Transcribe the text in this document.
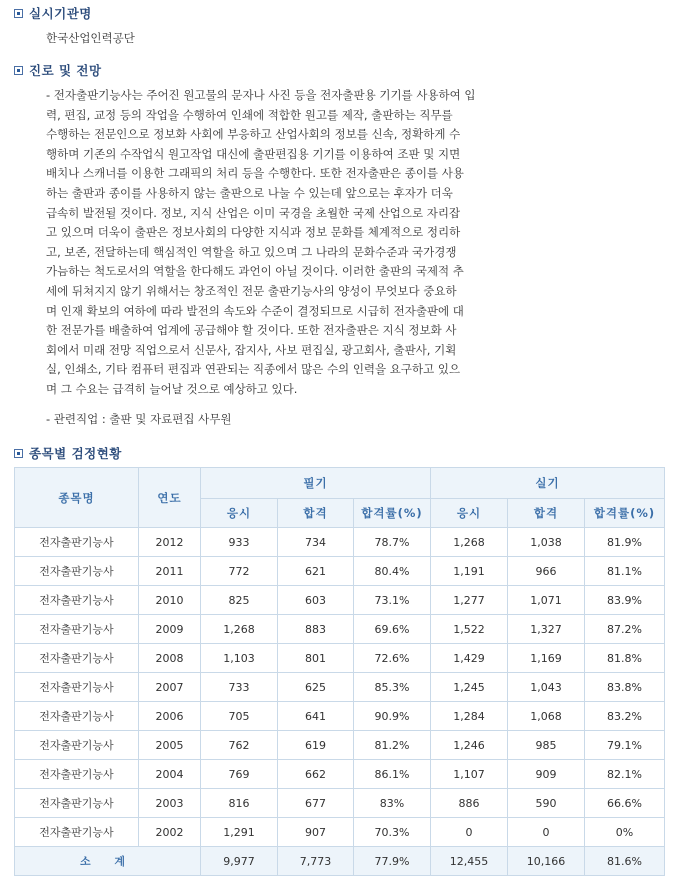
실시기관명
한국산업인력공단
진로 및 전망
- 전자출판기능사는 주어진 원고물의 문자나 사진 등을 전자출판용 기기를 사용하여 입
력, 편집, 교정 등의 작업을 수행하여 인쇄에 적합한 원고를 제작, 출판하는 직무를
수행하는 전문인으로 정보화 사회에 부응하고 산업사회의 정보를 신속, 정확하게 수
행하며 기존의 수작업식 원고작업 대신에 출판편집용 기기를 이용하여 조판 및 지면
배치나 스캐너를 이용한 그래픽의 처리 등을 수행한다. 또한 전자출판은 종이를 사용
하는 출판과 종이를 사용하지 않는 출판으로 나눌 수 있는데 앞으로는 후자가 더욱
급속히 발전될 것이다. 정보, 지식 산업은 이미 국경을 초월한 국제 산업으로 자리잡
고 있으며 더욱이 출판은 정보사회의 다양한 지식과 정보 문화를 체계적으로 정리하
고, 보존, 전달하는데 핵심적인 역할을 하고 있으며 그 나라의 문화수준과 국가경쟁
가늠하는 척도로서의 역할을 한다해도 과언이 아닐 것이다. 이러한 출판의 국제적 추
세에 뒤쳐지지 않기 위해서는 창조적인 전문 출판기능사의 양성이 무엇보다 중요하
며 인재 확보의 여하에 따라 발전의 속도와 수준이 결정되므로 시급히 전자출판에 대
한 전문가를 배출하여 업계에 공급해야 할 것이다. 또한 전자출판은 지식 정보화 사
회에서 미래 전망 직업으로서 신문사, 잡지사, 사보 편집실, 광고회사, 출판사, 기획
실, 인쇄소, 기타 컴퓨터 편집과 연관되는 직종에서 많은 수의 인력을 요구하고 있으
며 그 수요는 급격히 늘어날 것으로 예상하고 있다.
- 관련직업 : 출판 및 자료편집 사무원
종목별 검정현황
종목명	연도	필기			실기		
		응시	합격	합격률(%)	응시	합격	합격률(%)
전자출판기능사	2012	933	734	78.7%	1,268	1,038	81.9%
전자출판기능사	2011	772	621	80.4%	1,191	966	81.1%
전자출판기능사	2010	825	603	73.1%	1,277	1,071	83.9%
전자출판기능사	2009	1,268	883	69.6%	1,522	1,327	87.2%
전자출판기능사	2008	1,103	801	72.6%	1,429	1,169	81.8%
전자출판기능사	2007	733	625	85.3%	1,245	1,043	83.8%
전자출판기능사	2006	705	641	90.9%	1,284	1,068	83.2%
전자출판기능사	2005	762	619	81.2%	1,246	985	79.1%
전자출판기능사	2004	769	662	86.1%	1,107	909	82.1%
전자출판기능사	2003	816	677	83%	886	590	66.6%
전자출판기능사	2002	1,291	907	70.3%	0	0	0%
소 계		9,977	7,773	77.9%	12,455	10,166	81.6%
